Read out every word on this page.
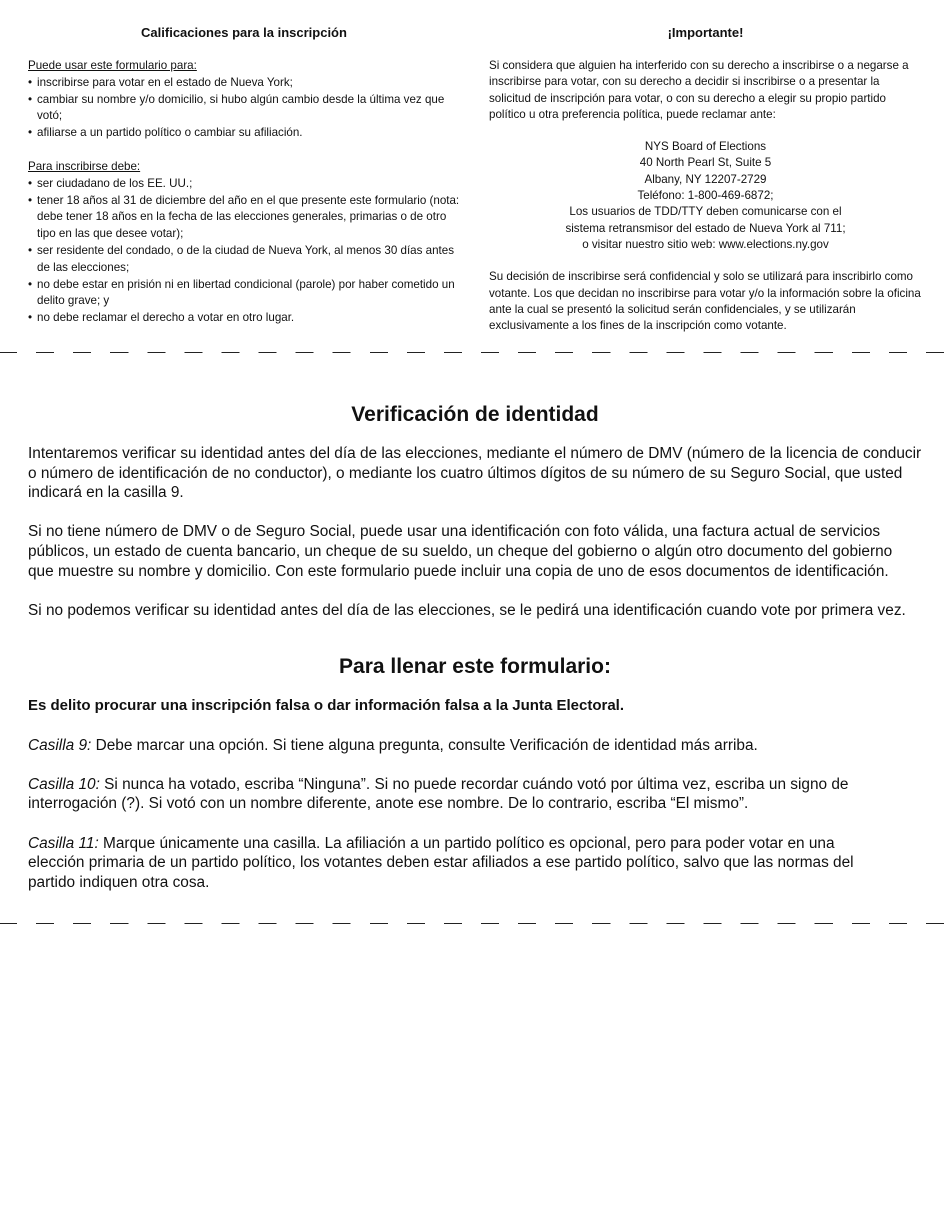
Calificaciones para la inscripción
Puede usar este formulario para:
• inscribirse para votar en el estado de Nueva York;
• cambiar su nombre y/o domicilio, si hubo algún cambio desde la última vez que votó;
• afiliarse a un partido político o cambiar su afiliación.
Para inscribirse debe:
• ser ciudadano de los EE. UU.;
• tener 18 años al 31 de diciembre del año en el que presente este formulario (nota: debe tener 18 años en la fecha de las elecciones generales, primarias o de otro tipo en las que desee votar);
• ser residente del condado, o de la ciudad de Nueva York, al menos 30 días antes de las elecciones;
• no debe estar en prisión ni en libertad condicional (parole) por haber cometido un delito grave; y
• no debe reclamar el derecho a votar en otro lugar.
¡Importante!

Si considera que alguien ha interferido con su derecho a inscribirse o a negarse a inscribirse para votar, con su derecho a decidir si inscribirse o a presentar la solicitud de inscripción para votar, o con su derecho a elegir su propio partido político u otra preferencia política, puede reclamar ante:

NYS Board of Elections
40 North Pearl St, Suite 5
Albany, NY 12207-2729
Teléfono: 1-800-469-6872;
Los usuarios de TDD/TTY deben comunicarse con el
sistema retransmisor del estado de Nueva York al 711;
o visitar nuestro sitio web: www.elections.ny.gov

Su decisión de inscribirse será confidencial y solo se utilizará para inscribirlo como votante. Los que decidan no inscribirse para votar y/o la información sobre la oficina ante la cual se presentó la solicitud serán confidenciales, y se utilizarán exclusivamente a los fines de la inscripción como votante.

Verificación de identidad

Intentaremos verificar su identidad antes del día de las elecciones, mediante el número de DMV (número de la licencia de conducir o número de identificación de no conductor), o mediante los cuatro últimos dígitos de su número de su Seguro Social, que usted indicará en la casilla 9.

Si no tiene número de DMV o de Seguro Social, puede usar una identificación con foto válida, una factura actual de servicios públicos, un estado de cuenta bancario, un cheque de su sueldo, un cheque del gobierno o algún otro documento del gobierno que muestre su nombre y domicilio. Con este formulario puede incluir una copia de uno de esos documentos de identificación.

Si no podemos verificar su identidad antes del día de las elecciones, se le pedirá una identificación cuando vote por primera vez.

Para llenar este formulario:

Es delito procurar una inscripción falsa o dar información falsa a la Junta Electoral.

Casilla 9: Debe marcar una opción. Si tiene alguna pregunta, consulte Verificación de identidad más arriba.

Casilla 10: Si nunca ha votado, escriba “Ninguna”. Si no puede recordar cuándo votó por última vez, escriba un signo de interrogación (?). Si votó con un nombre diferente, anote ese nombre. De lo contrario, escriba “El mismo”.

Casilla 11: Marque únicamente una casilla. La afiliación a un partido político es opcional, pero para poder votar en una elección primaria de un partido político, los votantes deben estar afiliados a ese partido político, salvo que las normas del partido indiquen otra cosa.
